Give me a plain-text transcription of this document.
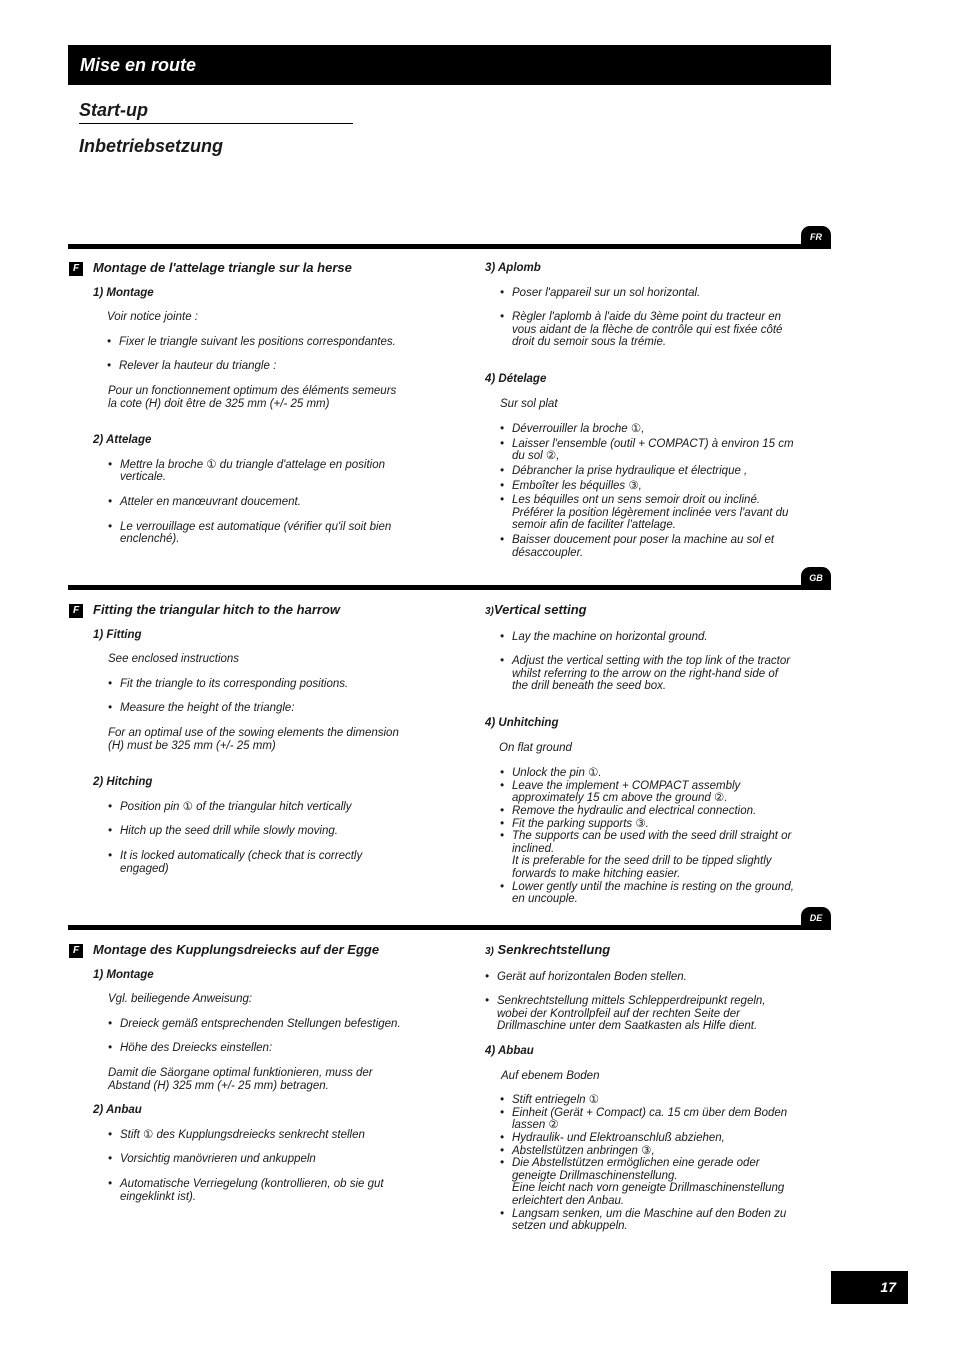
Mise en route
Start-up
Inbetriebsetzung
FR

F	Montage de l'attelage triangle sur la herse

1) Montage

Voir notice jointe :

• Fixer le triangle suivant les positions correspondantes.

• Relever la hauteur du triangle :

Pour un fonctionnement optimum des éléments semeurs
la cote (H) doit être de 325 mm (+/- 25 mm)

2) Attelage

• Mettre la broche ① du triangle d'attelage en position
verticale.

• Atteler en manœuvrant doucement.

• Le verrouillage est automatique (vérifier qu'il soit bien
enclenché).

3) Aplomb

• Poser l'appareil sur un sol horizontal.

• Règler l'aplomb à l'aide du 3ème point du tracteur en
vous aidant de la flèche de contrôle qui est fixée côté
droit du semoir sous la trémie.

4) Dételage

Sur sol plat

• Déverrouiller la broche ①,

• Laisser l'ensemble (outil + COMPACT) à environ 15 cm
du sol ②,

• Débrancher la prise hydraulique et électrique ,

• Emboîter les béquilles ③,

• Les béquilles ont un sens semoir droit ou incliné.
Préférer la position légèrement inclinée vers l'avant du
semoir afin de faciliter l'attelage.

• Baisser doucement pour poser la machine au sol et
désaccoupler.

GB

F	Fitting the triangular hitch to the harrow

1) Fitting

See enclosed instructions

• Fit the triangle to its corresponding positions.

• Measure the height of the triangle:

For an optimal use of the sowing elements the dimension
(H) must be 325 mm (+/- 25 mm)

2) Hitching

• Position pin ① of the triangular hitch vertically

• Hitch up the seed drill while slowly moving.

• It is locked automatically (check that is correctly
engaged)

3)Vertical setting

• Lay the machine on horizontal ground.

• Adjust the vertical setting with the top link of the tractor
whilst referring to the arrow on the right-hand side of
the drill beneath the seed box.

4) Unhitching

On flat ground

• Unlock the pin ①.

• Leave the implement + COMPACT assembly
approximately 15 cm above the ground ②.

• Remove the hydraulic and electrical connection.

• Fit the parking supports ③.

• The supports can be used with the seed drill straight or
inclined.
It is preferable for the seed drill to be tipped slightly
forwards to make hitching easier.

• Lower gently until the machine is resting on the ground,
en uncouple.

DE

F	Montage des Kupplungsdreiecks auf der Egge

1) Montage

Vgl. beiliegende Anweisung:

• Dreieck gemäß entsprechenden Stellungen befestigen.

• Höhe des Dreiecks einstellen:

Damit die Säorgane optimal funktionieren, muss der
Abstand (H) 325 mm (+/- 25 mm) betragen.

2) Anbau

• Stift ① des Kupplungsdreiecks senkrecht stellen

• Vorsichtig manövrieren und ankuppeln

• Automatische Verriegelung (kontrollieren, ob sie gut
eingeklinkt ist).

3) Senkrechtstellung

• Gerät auf horizontalen Boden stellen.

• Senkrechtstellung mittels Schlepperdreipunkt regeln,
wobei der Kontrollpfeil auf der rechten Seite der
Drillmaschine unter dem Saatkasten als Hilfe dient.

4) Abbau

Auf ebenem Boden

• Stift entriegeln ①

• Einheit (Gerät + Compact) ca. 15 cm über dem Boden
lassen ②

• Hydraulik- und Elektroanschluß abziehen,

• Abstellstützen anbringen ③,

• Die Abstellstützen ermöglichen eine gerade oder
geneigte Drillmaschinenstellung.
Eine leicht nach vorn geneigte Drillmaschinenstellung
erleichtert den Anbau.

• Langsam senken, um die Maschine auf den Boden zu
setzen und abkuppeln.

17
